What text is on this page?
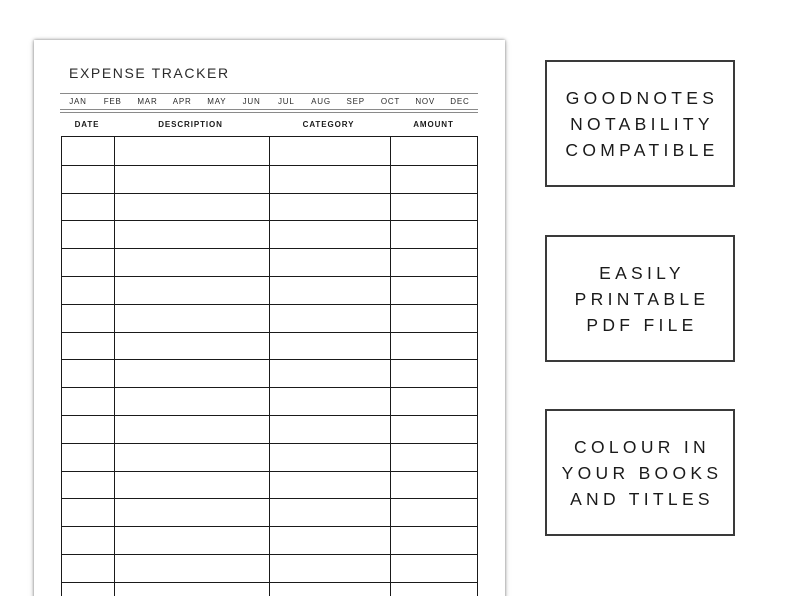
EXPENSE TRACKER
JAN	FEB	MAR	APR	MAY	JUN	JUL	AUG	SEP	OCT	NOV	DEC
DATE	DESCRIPTION	CATEGORY	AMOUNT
GOODNOTES
NOTABILITY
COMPATIBLE
EASILY
PRINTABLE
PDF FILE
COLOUR IN
YOUR BOOKS
AND TITLES
